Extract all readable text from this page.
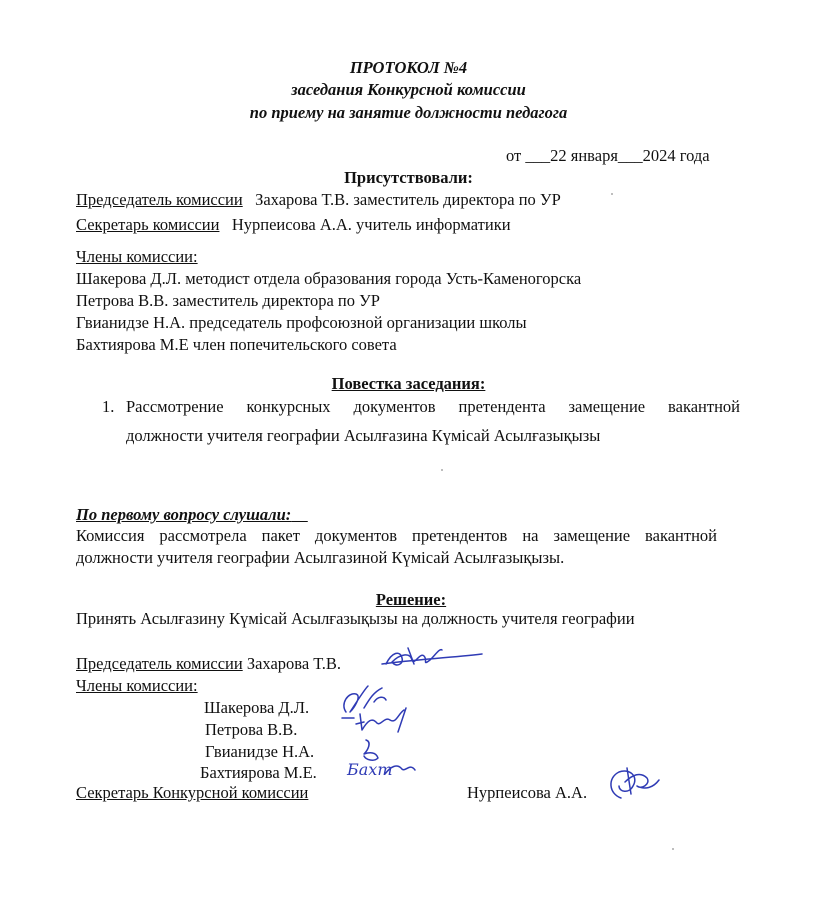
ПРОТОКОЛ №4
заседания Конкурсной комиссии
по приему на занятие должности педагога
от ___22 января___2024 года
Присутствовали:
Председатель комиссии Захарова Т.В. заместитель директора по УР
Секретарь комиссии Нурпеисова А.А. учитель информатики
Члены комиссии:
Шакерова Д.Л. методист отдела образования города Усть-Каменогорска
Петрова В.В. заместитель директора по УР
Гвианидзе Н.А. председатель профсоюзной организации школы
Бахтиярова М.Е член попечительского совета
Повестка заседания:
1. Рассмотрение конкурсных документов претендента замещение вакантной
должности учителя географии Асылғазина Күмісай Асылғазықызы
По первому вопросу слушали:
Комиссия рассмотрела пакет документов претендентов на замещение вакантной
должности учителя географии Асылгазиной Күмісай Асылғазықызы.
Решение:
Принять Асылғазину Күмісай Асылғазықызы на должность учителя географии
Председатель комиссии Захарова Т.В.
Члены комиссии:
Шакерова Д.Л.
Петрова В.В.
Гвианидзе Н.А.
Бахтиярова М.Е.
Секретарь Конкурсной комиссии	Нурпеисова А.А.
Бахт
